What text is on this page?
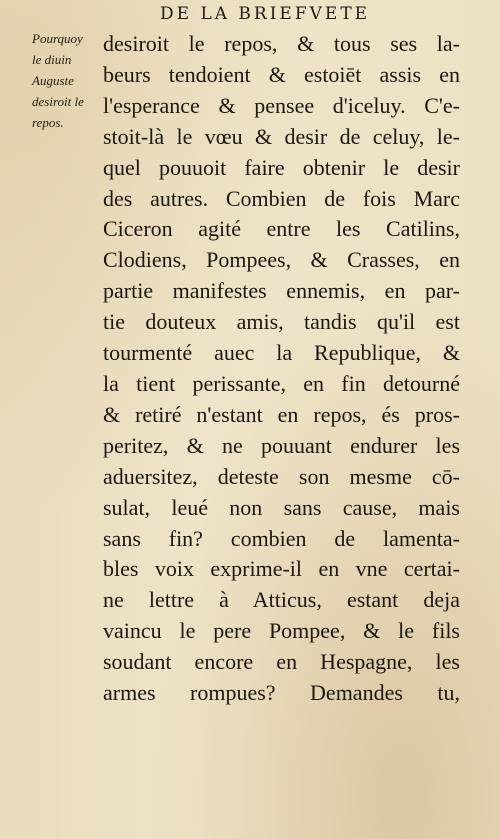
DE LA BRIEFVETE
Pourquoy
le diuin
Auguste
desiroit le
repos.
desiroit le repos, & tous ses la-
beurs tendoient & estoiēt assis en
l'esperance & pensee d'iceluy. C'e-
stoit-là le vœu & desir de celuy, le-
quel pouuoit faire obtenir le desir
des autres. Combien de fois Marc
Ciceron agité entre les Catilins,
Clodiens, Pompees, & Crasses, en
partie manifestes ennemis, en par-
tie douteux amis, tandis qu'il est
tourmenté auec la Republique, &
la tient perissante, en fin detourné
& retiré n'estant en repos, és pros-
peritez, & ne pouuant endurer les
aduersitez, deteste son mesme cō-
sulat, leué non sans cause, mais
sans fin? combien de lamenta-
bles voix exprime-il en vne certai-
ne lettre à Atticus, estant deja
vaincu le pere Pompee, & le fils
soudant encore en Hespagne, les
armes rompues? Demandes tu,
